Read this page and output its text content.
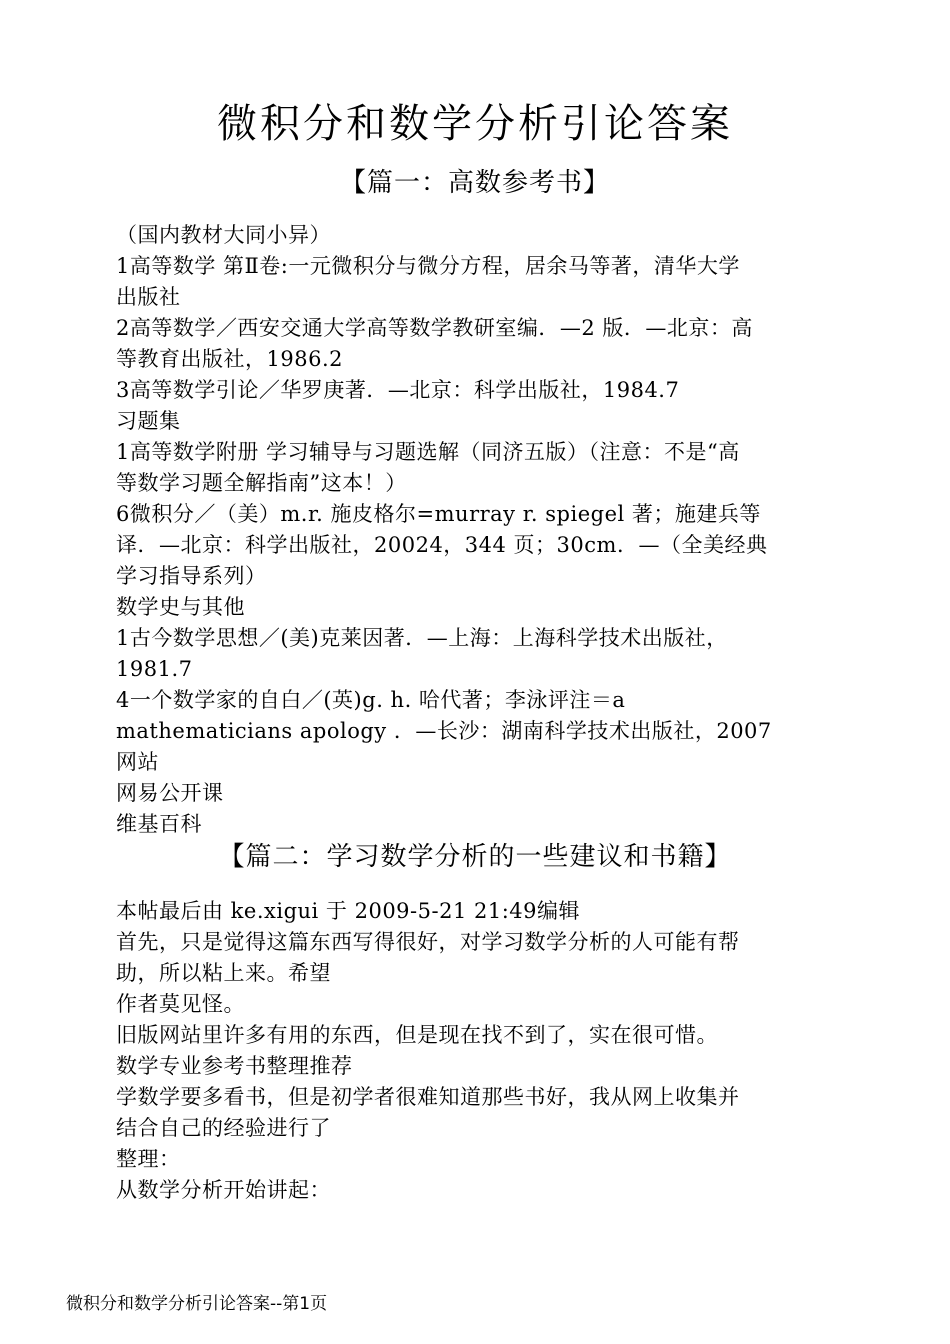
微积分和数学分析引论答案
【篇一：高数参考书】
（国内教材大同小异）
1高等数学 第Ⅱ卷:一元微积分与微分方程，居余马等著，清华大学
出版社
2高等数学／西安交通大学高等数学教研室编．—2 版．—北京：高
等教育出版社，1986.2
3高等数学引论／华罗庚著．—北京：科学出版社，1984.7
习题集
1高等数学附册 学习辅导与习题选解（同济五版）（注意：不是“高
等数学习题全解指南”这本！）
6微积分／（美）m.r. 施皮格尔=murray r. spiegel 著；施建兵等
译．—北京：科学出版社，20024，344 页；30cm．—（全美经典
学习指导系列）
数学史与其他
1古今数学思想／(美)克莱因著．—上海：上海科学技术出版社，
1981.7
4一个数学家的自白／(英)g. h. 哈代著；李泳评注＝a
mathematicians apology ．—长沙：湖南科学技术出版社，2007
网站
网易公开课
维基百科
【篇二：学习数学分析的一些建议和书籍】
本帖最后由 ke.xigui 于 2009-5-21 21:49编辑
首先，只是觉得这篇东西写得很好，对学习数学分析的人可能有帮
助，所以粘上来。希望
作者莫见怪。
旧版网站里许多有用的东西，但是现在找不到了，实在很可惜。
数学专业参考书整理推荐
学数学要多看书，但是初学者很难知道那些书好，我从网上收集并
结合自己的经验进行了
整理：
从数学分析开始讲起：
微积分和数学分析引论答案--第1页
